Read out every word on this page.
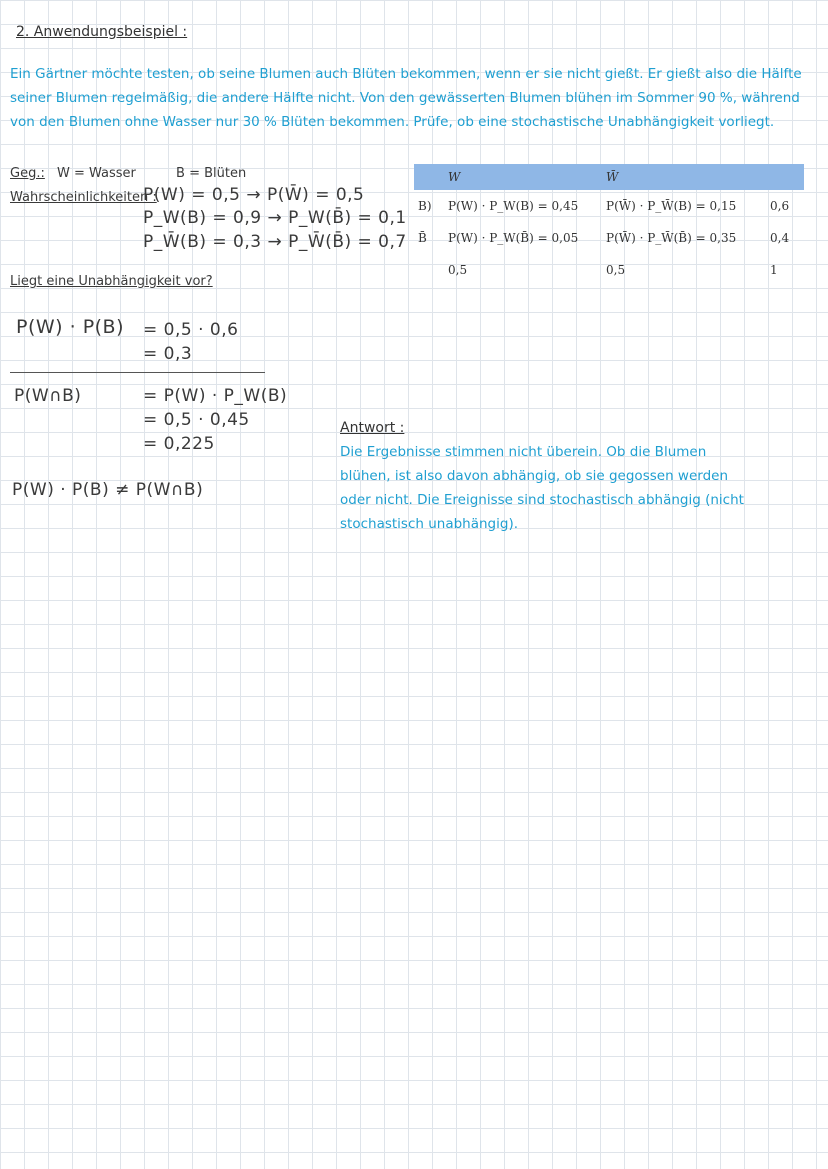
2. Anwendungsbeispiel :
Ein Gärtner möchte testen, ob seine Blumen auch Blüten bekommen, wenn er sie nicht gießt. Er gießt also die Hälfte seiner Blumen regelmäßig, die andere Hälfte nicht. Von den gewässerten Blumen blühen im Sommer 90 %, während von den Blumen ohne Wasser nur 30 % Blüten bekommen. Prüfe, ob eine stochastische Unabhängigkeit vorliegt.
Geg.: W = Wasser	B = Blüten
Wahrscheinlichkeiten :
P(W) = 0,5 → P(W̄) = 0,5
P_W(B) = 0,9 → P_W(B̄) = 0,1
P_W̄(B) = 0,3 → P_W̄(B̄) = 0,7
	W	W̄	
B)	P(W) · P_W(B) = 0,45	P(W̄) · P_W̄(B) = 0,15	0,6
B̄	P(W) · P_W(B̄) = 0,05	P(W̄) · P_W̄(B̄) = 0,35	0,4
	0,5	0,5	1
Liegt eine Unabhängigkeit vor?
P(W) · P(B) = 0,5 · 0,6
= 0,3
P(W∩B)	= P(W) · P_W(B)
= 0,5 · 0,45
= 0,225
P(W) · P(B) ≠ P(W∩B)
Antwort :
Die Ergebnisse stimmen nicht überein. Ob die Blumen blühen, ist also davon abhängig, ob sie gegossen werden oder nicht. Die Ereignisse sind stochastisch abhängig (nicht stochastisch unabhängig).
